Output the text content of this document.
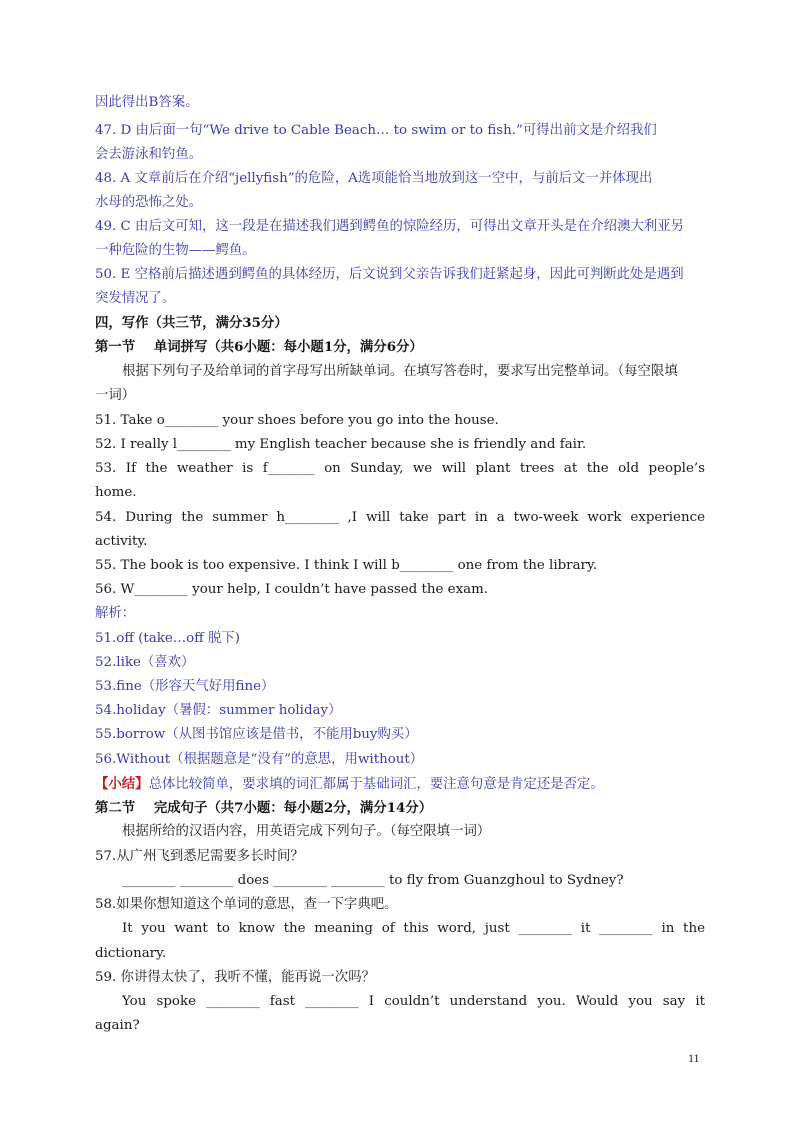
因此得出B答案。
47. D 由后面一句“We drive to Cable Beach… to swim or to fish.”可得出前文是介绍我们
会去游泳和钓鱼。
48. A 文章前后在介绍“jellyfish”的危险，A选项能恰当地放到这一空中，与前后文一并体现出
水母的恐怖之处。
49. C 由后文可知，这一段是在描述我们遇到鳄鱼的惊险经历，可得出文章开头是在介绍澳大利亚另
一种危险的生物——鳄鱼。
50. E 空格前后描述遇到鳄鱼的具体经历，后文说到父亲告诉我们赶紧起身，因此可判断此处是遇到
突发情况了。
四，写作（共三节，满分35分）
第一节    单词拼写（共6小题：每小题1分，满分6分）
根据下列句子及给单词的首字母写出所缺单词。在填写答卷时，要求写出完整单词。（每空限填
一词）
51. Take o________ your shoes before you go into the house.
52. I really l________ my English teacher because she is friendly and fair.
53. If the weather is f_______ on Sunday, we will plant trees at the old people’s
home.
54. During the summer h________ ,I will take part in a two-week work experience
activity.
55. The book is too expensive. I think I will b________ one from the library.
56. W________ your help, I couldn’t have passed the exam.
解析：
51.off (take…off 脱下)
52.like（喜欢）
53.fine（形容天气好用fine）
54.holiday（暑假：summer holiday）
55.borrow（从图书馆应该是借书，不能用buy购买）
56.Without（根据题意是“没有”的意思，用without）
【小结】总体比较简单，要求填的词汇都属于基础词汇，要注意句意是肯定还是否定。
第二节    完成句子（共7小题：每小题2分，满分14分）
根据所给的汉语内容，用英语完成下列句子。（每空限填一词）
57.从广州飞到悉尼需要多长时间？
________ ________ does ________ ________ to fly from Guanzghoul to Sydney?
58.如果你想知道这个单词的意思，查一下字典吧。
It you want to know the meaning of this word, just ________ it ________ in the
dictionary.
59. 你讲得太快了，我听不懂，能再说一次吗？
You spoke ________ fast ________ I couldn’t understand you. Would you say it
again?
11
